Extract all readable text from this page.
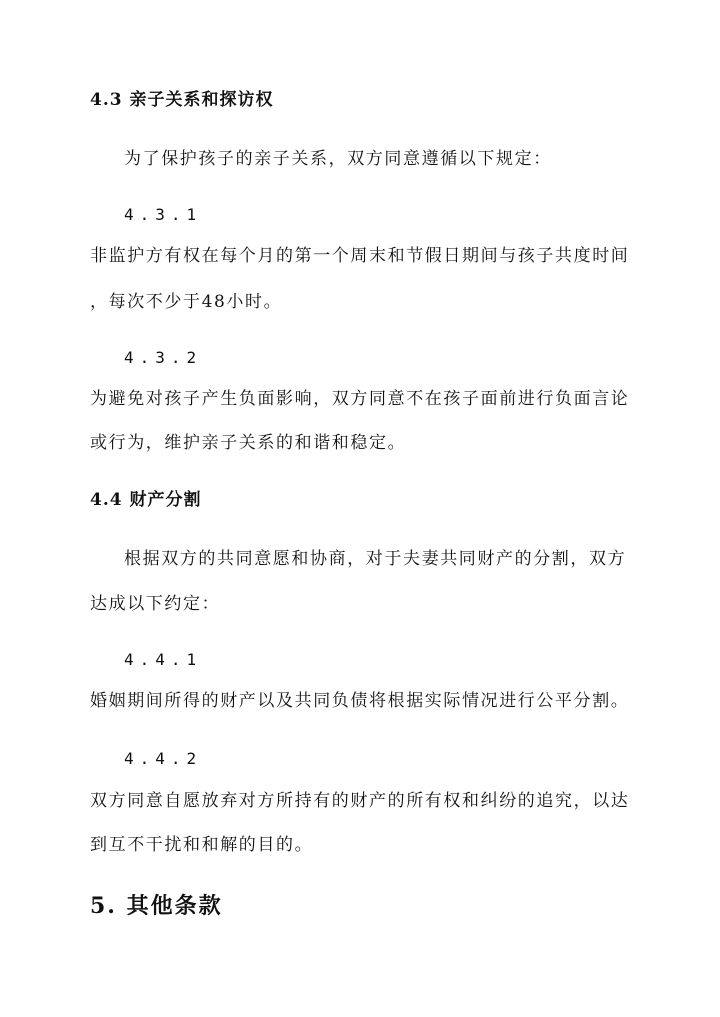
4.3 亲子关系和探访权
为了保护孩子的亲子关系，双方同意遵循以下规定：
4.3.1
非监护方有权在每个月的第一个周末和节假日期间与孩子共度时间
，每次不少于48小时。
4.3.2
为避免对孩子产生负面影响，双方同意不在孩子面前进行负面言论
或行为，维护亲子关系的和谐和稳定。
4.4 财产分割
根据双方的共同意愿和协商，对于夫妻共同财产的分割，双方
达成以下约定：
4.4.1
婚姻期间所得的财产以及共同负债将根据实际情况进行公平分割。
4.4.2
双方同意自愿放弃对方所持有的财产的所有权和纠纷的追究，以达
到互不干扰和和解的目的。
5. 其他条款
